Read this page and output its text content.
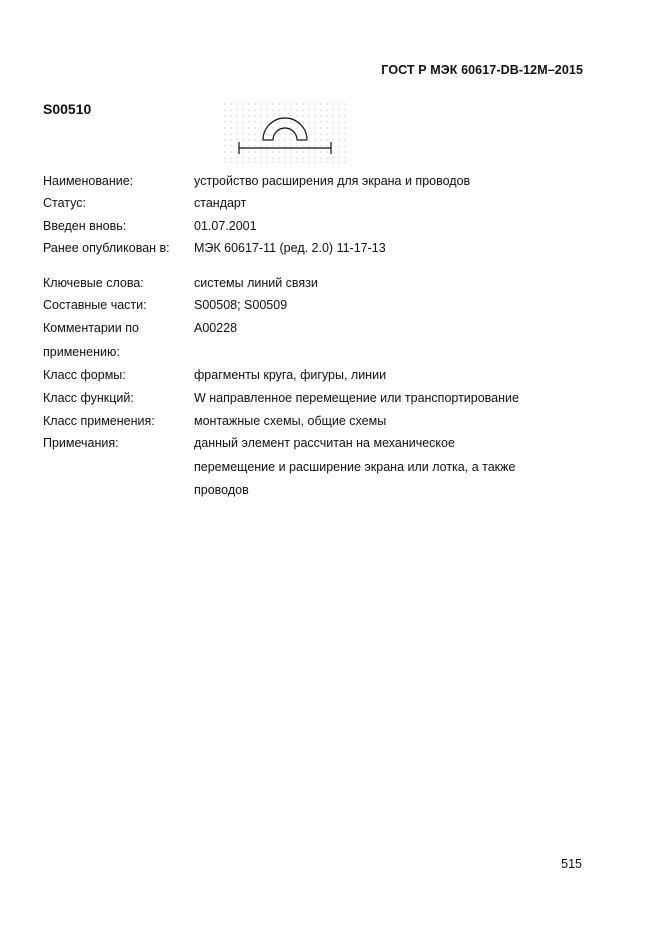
ГОСТ Р МЭК 60617-DB-12M–2015
S00510
Наименование:	устройство расширения для экрана и проводов
Статус:	стандарт
Введен вновь:	01.07.2001
Ранее опубликован в: МЭК 60617-11 (ред. 2.0) 11-17-13
Ключевые слова:	системы линий связи
Составные части:	S00508; S00509
Комментарии по	A00228
применению:
Класс формы:	фрагменты круга, фигуры, линии
Класс функций:	W направленное перемещение или транспортирование
Класс применения:	монтажные схемы, общие схемы
Примечания:	данный элемент рассчитан на механическое
перемещение и расширение экрана или лотка, а также
проводов
515
